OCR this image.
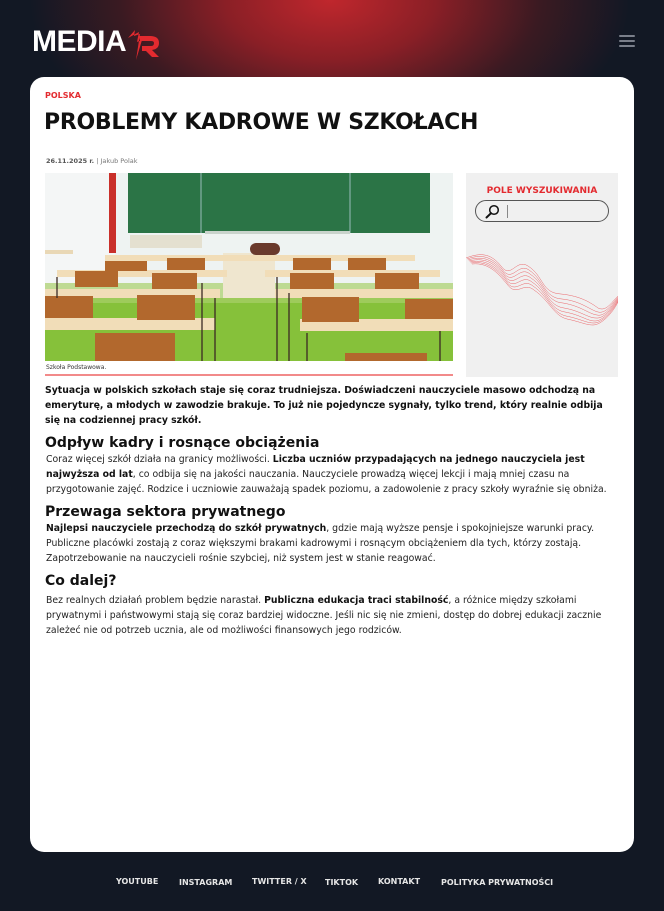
MEDIA
POLSKA
PROBLEMY KADROWE W SZKOŁACH
26.11.2025 r. | Jakub Polak
Szkoła Podstawowa.
POLE WYSZUKIWANIA

Sytuacja w polskich szkołach staje się coraz trudniejsza. Doświadczeni nauczyciele masowo odchodzą na emeryturę, a młodych w zawodzie brakuje. To już nie pojedyncze sygnały, tylko trend, który realnie odbija się na codziennej pracy szkół.

Odpływ kadry i rosnące obciążenia

Coraz więcej szkół działa na granicy możliwości. Liczba uczniów przypadających na jednego nauczyciela jest najwyższa od lat, co odbija się na jakości nauczania. Nauczyciele prowadzą więcej lekcji i mają mniej czasu na przygotowanie zajęć. Rodzice i uczniowie zauważają spadek poziomu, a zadowolenie z pracy szkoły wyraźnie się obniża.

Przewaga sektora prywatnego

Najlepsi nauczyciele przechodzą do szkół prywatnych, gdzie mają wyższe pensje i spokojniejsze warunki pracy. Publiczne placówki zostają z coraz większymi brakami kadrowymi i rosnącym obciążeniem dla tych, którzy zostają. Zapotrzebowanie na nauczycieli rośnie szybciej, niż system jest w stanie reagować.

Co dalej?

Bez realnych działań problem będzie narastał. Publiczna edukacja traci stabilność, a różnice między szkołami prywatnymi i państwowymi stają się coraz bardziej widoczne. Jeśli nic się nie zmieni, dostęp do dobrej edukacji zacznie zależeć nie od potrzeb ucznia, ale od możliwości finansowych jego rodziców.

YOUTUBE	INSTAGRAM TWITTER / X TIKTOK KONTAKT	POLITYKA PRYWATNOŚCI
